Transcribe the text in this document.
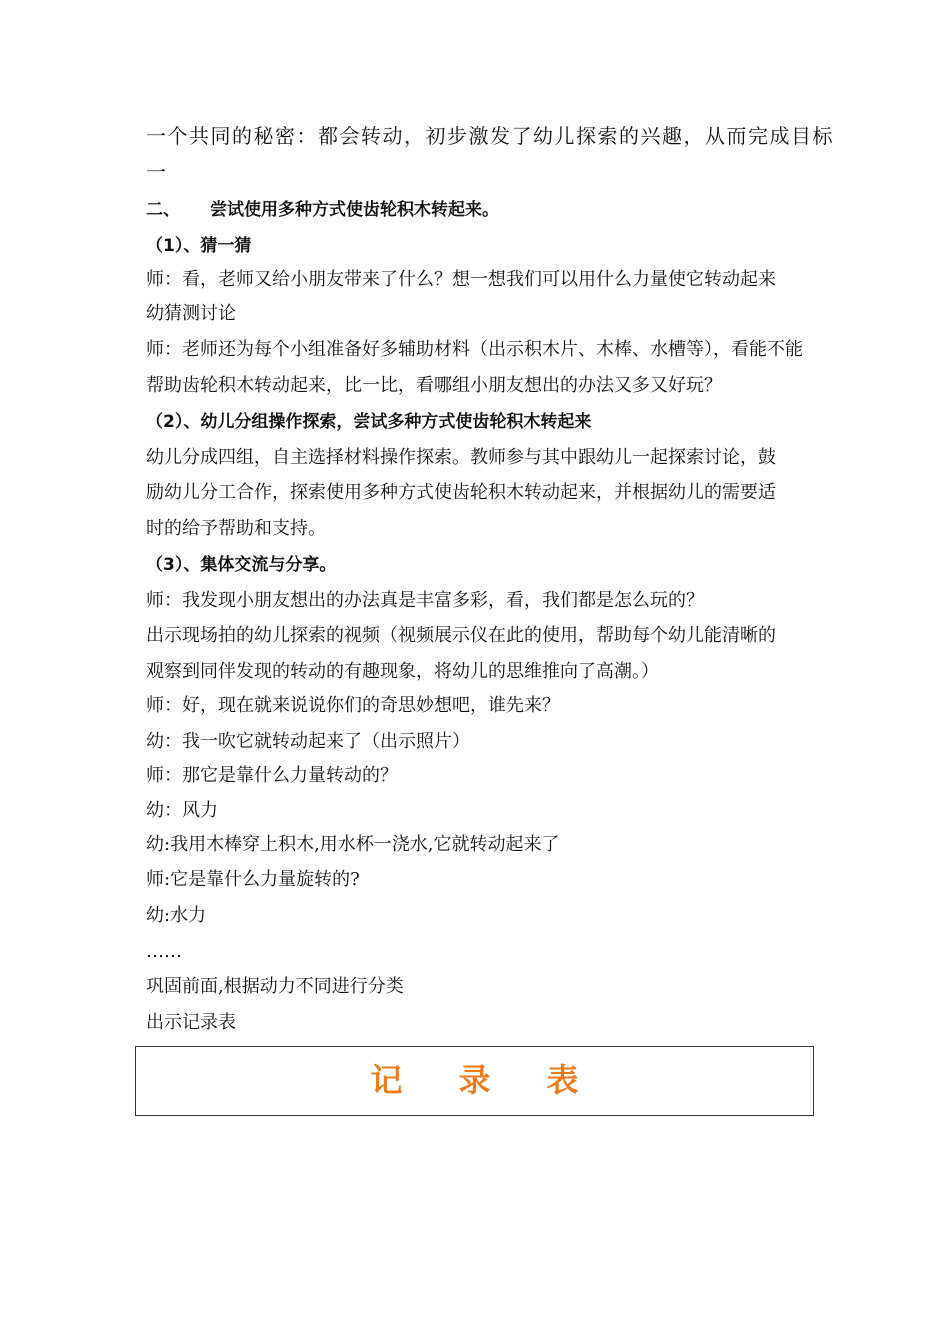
一个共同的秘密：都会转动，初步激发了幼儿探索的兴趣，从而完成目标
一
二、 尝试使用多种方式使齿轮积木转起来。
（1）、猜一猜
师：看，老师又给小朋友带来了什么？想一想我们可以用什么力量使它转动起来
幼猜测讨论
师：老师还为每个小组准备好多辅助材料（出示积木片、木棒、水槽等），看能不能
帮助齿轮积木转动起来，比一比，看哪组小朋友想出的办法又多又好玩？
（2）、幼儿分组操作探索，尝试多种方式使齿轮积木转起来
幼儿分成四组，自主选择材料操作探索。教师参与其中跟幼儿一起探索讨论，鼓
励幼儿分工合作，探索使用多种方式使齿轮积木转动起来，并根据幼儿的需要适
时的给予帮助和支持。
（3）、集体交流与分享。
师：我发现小朋友想出的办法真是丰富多彩，看，我们都是怎么玩的？
出示现场拍的幼儿探索的视频（视频展示仪在此的使用，帮助每个幼儿能清晰的
观察到同伴发现的转动的有趣现象，将幼儿的思维推向了高潮。）
师：好，现在就来说说你们的奇思妙想吧，谁先来？
幼：我一吹它就转动起来了（出示照片）
师：那它是靠什么力量转动的？
幼：风力
幼:我用木棒穿上积木,用水杯一浇水,它就转动起来了
师:它是靠什么力量旋转的?
幼:水力
……
巩固前面,根据动力不同进行分类
出示记录表
记录表
